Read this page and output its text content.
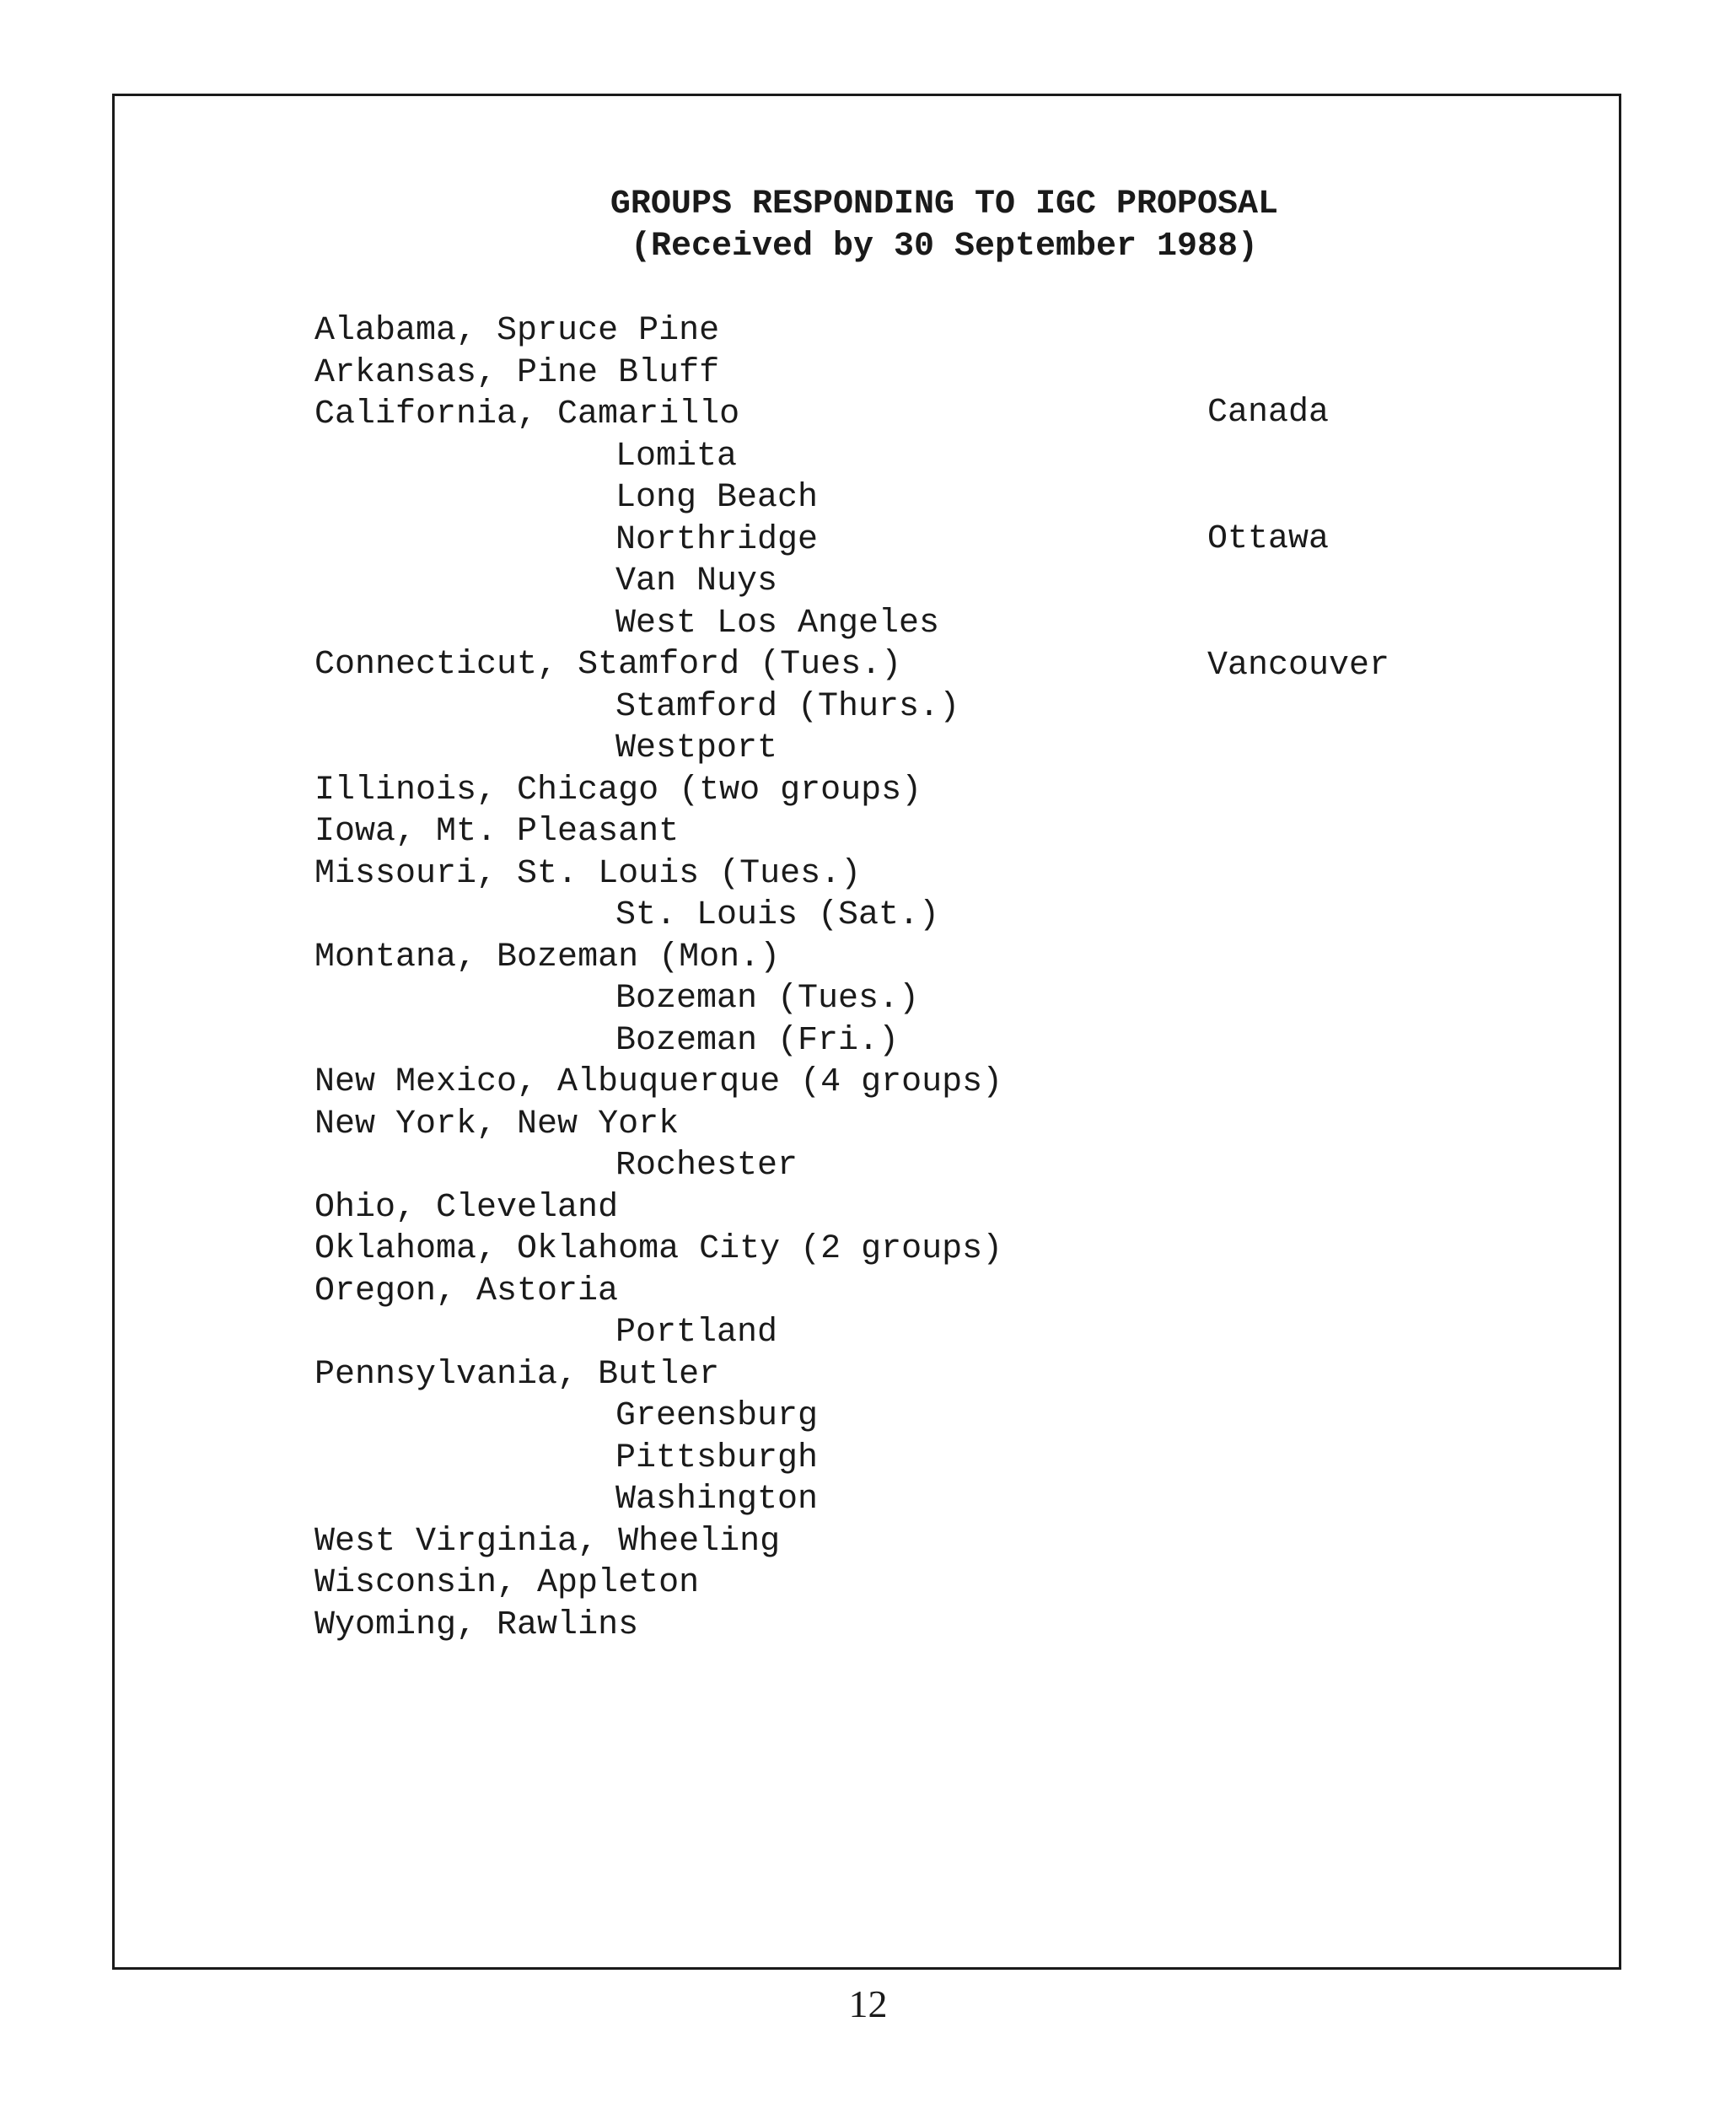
GROUPS RESPONDING TO IGC PROPOSAL
(Received by 30 September 1988)
Alabama, Spruce Pine
Arkansas, Pine Bluff
California, Camarillo
Lomita
Long Beach
Northridge
Van Nuys
West Los Angeles
Connecticut, Stamford (Tues.)
Stamford (Thurs.)
Westport
Illinois, Chicago (two groups)
Iowa, Mt. Pleasant
Missouri, St. Louis (Tues.)
St. Louis (Sat.)
Montana, Bozeman (Mon.)
Bozeman (Tues.)
Bozeman (Fri.)
New Mexico, Albuquerque (4 groups)
New York, New York
Rochester
Ohio, Cleveland
Oklahoma, Oklahoma City (2 groups)
Oregon, Astoria
Portland
Pennsylvania, Butler
Greensburg
Pittsburgh
Washington
West Virginia, Wheeling
Wisconsin, Appleton
Wyoming, Rawlins

Canada

Ottawa

Vancouver

12
